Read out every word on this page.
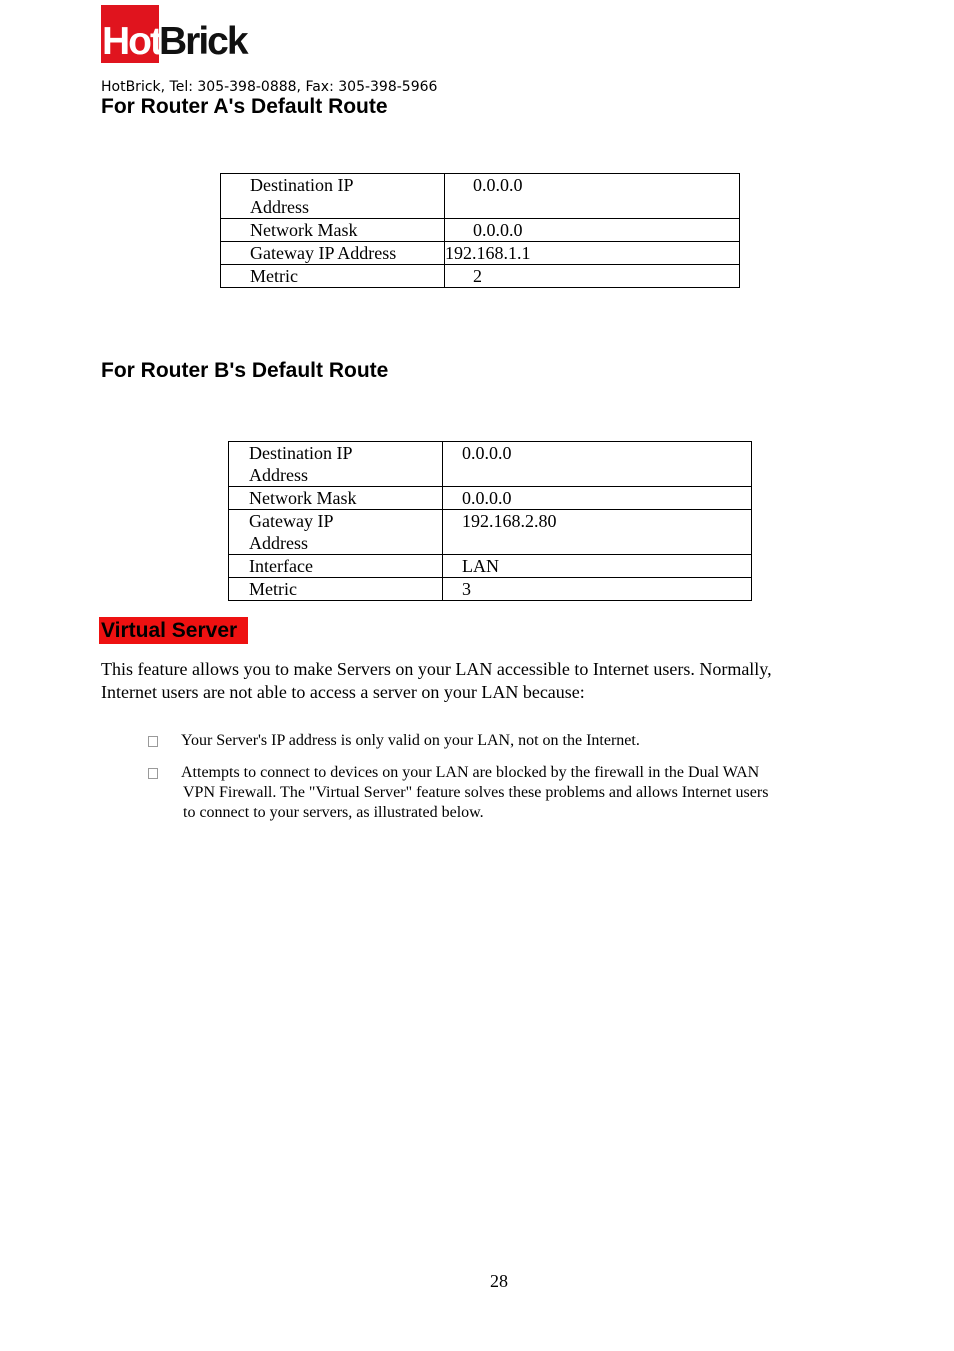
Hot
Brick
HotBrick, Tel: 305-398-0888, Fax: 305-398-5966
For Router A's Default Route
Destination IP
Address	0.0.0.0
Network Mask	0.0.0.0
Gateway IP Address	192.168.1.1
Metric	2
For Router B's Default Route
Destination IP
Address	0.0.0.0
Network Mask	0.0.0.0
Gateway IP
Address	192.168.2.80
Interface	LAN
Metric	3
Virtual Server
This feature allows you to make Servers on your LAN accessible to Internet users. Normally,
Internet users are not able to access a server on your LAN because:
Your Server's IP address is only valid on your LAN, not on the Internet.
Attempts to connect to devices on your LAN are blocked by the firewall in the Dual WAN
VPN Firewall. The "Virtual Server" feature solves these problems and allows Internet users
to connect to your servers, as illustrated below.
28
